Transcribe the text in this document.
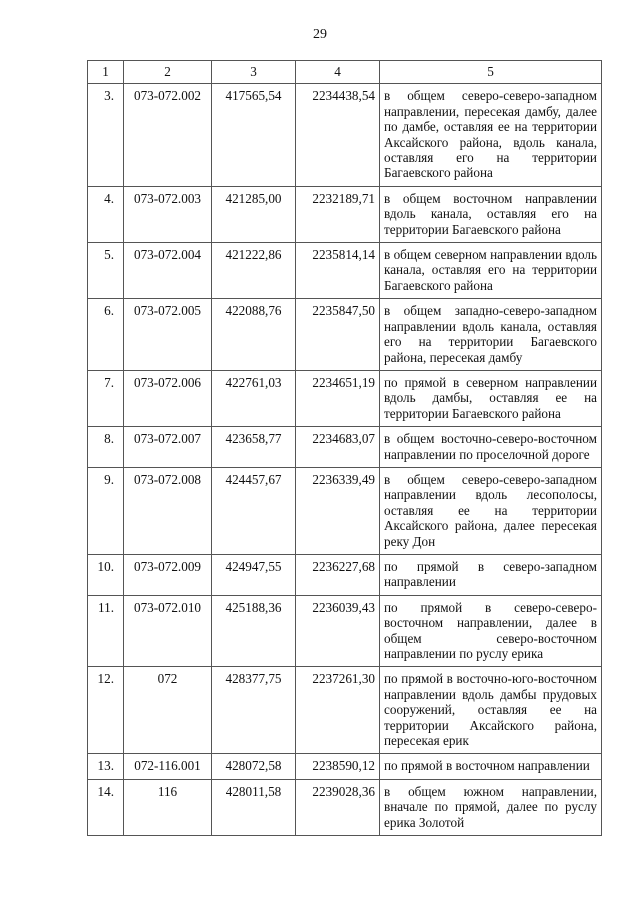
29
1	2	3	4	5
3.	073-072.002	417565,54	2234438,54	в общем северо-северо-западном направлении, пересекая дамбу, далее по дамбе, оставляя ее на территории Аксайского района, вдоль канала, оставляя его на территории Багаевского района
4.	073-072.003	421285,00	2232189,71	в общем восточном направлении вдоль канала, оставляя его на территории Багаевского района
5.	073-072.004	421222,86	2235814,14	в общем северном направлении вдоль канала, оставляя его на территории Багаевского района
6.	073-072.005	422088,76	2235847,50	в общем западно-северо-западном направлении вдоль канала, оставляя его на территории Багаевского района, пересекая дамбу
7.	073-072.006	422761,03	2234651,19	по прямой в северном направлении вдоль дамбы, оставляя ее на территории Багаевского района
8.	073-072.007	423658,77	2234683,07	в общем восточно-северо-восточном направлении по проселочной дороге
9.	073-072.008	424457,67	2236339,49	в общем северо-северо-западном направлении вдоль лесополосы, оставляя ее на территории Аксайского района, далее пересекая реку Дон
10.	073-072.009	424947,55	2236227,68	по прямой в северо-западном направлении
11.	073-072.010	425188,36	2236039,43	по прямой в северо-северо-восточном направлении, далее в общем северо-восточном направлении по руслу ерика
12.	072	428377,75	2237261,30	по прямой в восточно-юго-восточном направлении вдоль дамбы прудовых сооружений, оставляя ее на территории Аксайского района, пересекая ерик
13.	072-116.001	428072,58	2238590,12	по прямой в восточном направлении
14.	116	428011,58	2239028,36	в общем южном направлении, вначале по прямой, далее по руслу ерика Золотой
